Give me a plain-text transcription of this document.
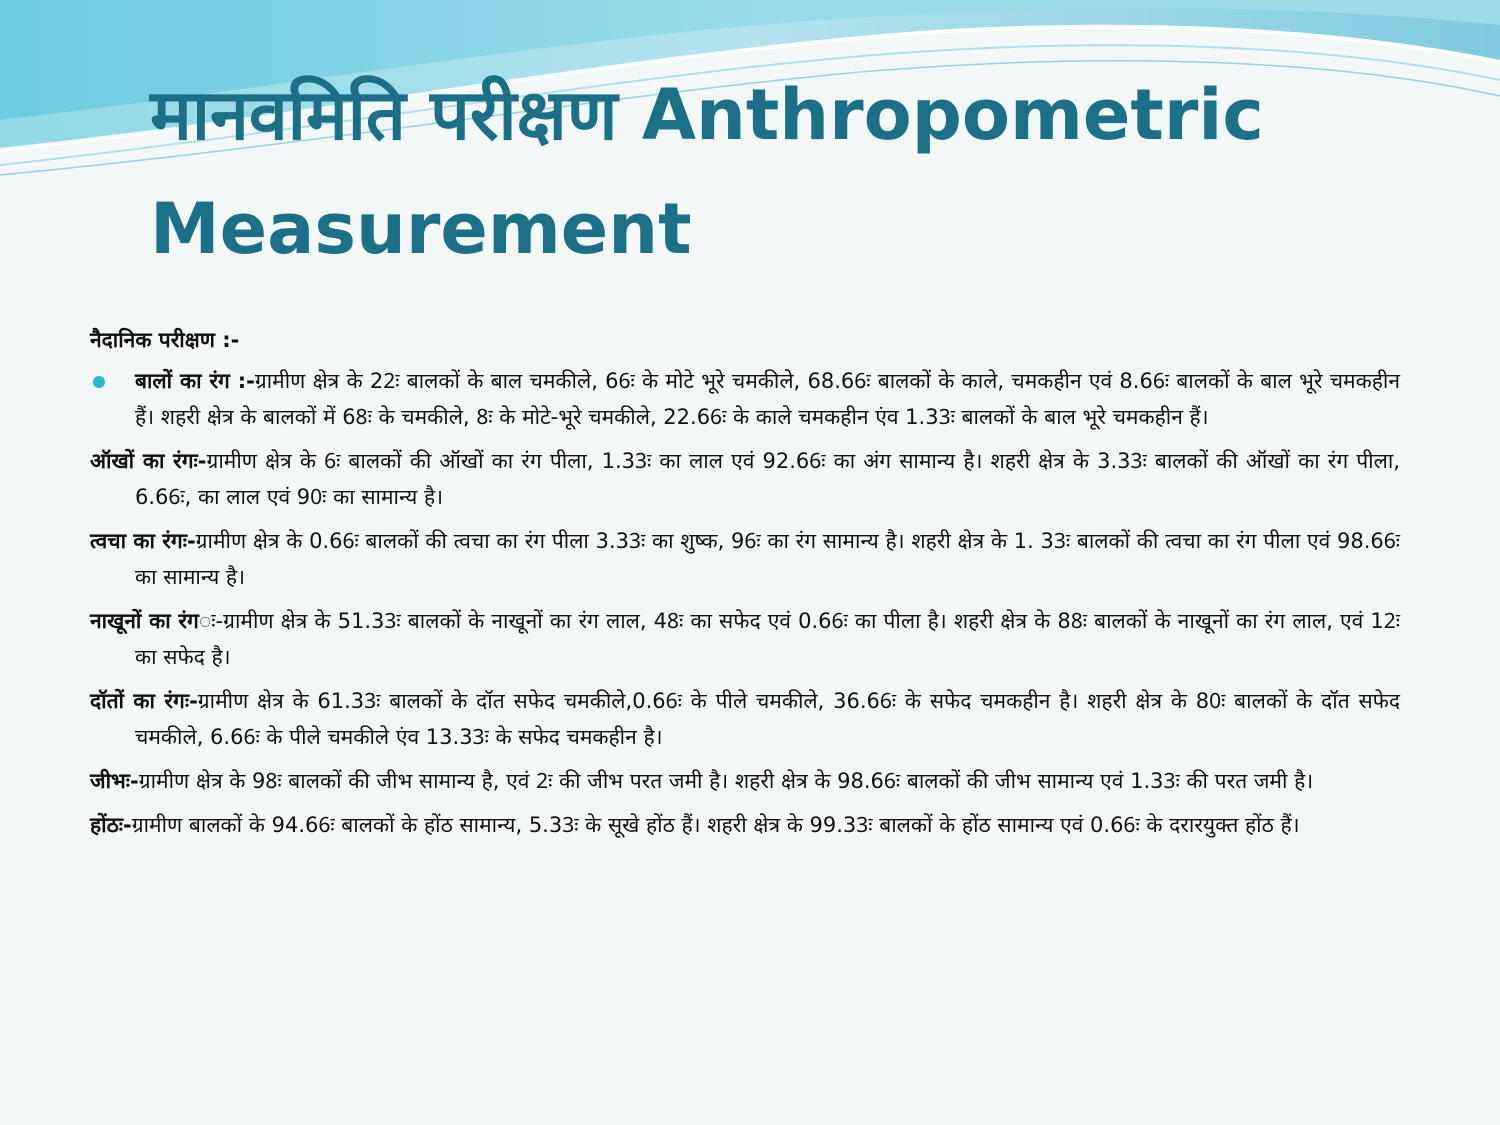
मानवमिति परीक्षण Anthropometric Measurement
नैदानिक परीक्षण :-
बालों का रंग :-ग्रामीण क्षेत्र के 22ः बालकों के बाल चमकीले, 66ः के मोटे भूरे चमकीले, 68.66ः बालकों के काले, चमकहीन एवं 8.66ः बालकों के बाल भूरे चमकहीन हैं। शहरी क्षेत्र के बालकों में 68ः के चमकीले, 8ः के मोटे-भूरे चमकीले, 22.66ः के काले चमकहीन एंव 1.33ः बालकों के बाल भूरे चमकहीन हैं।
ऑखों का रंगः-ग्रामीण क्षेत्र के 6ः बालकों की ऑखों का रंग पीला, 1.33ः का लाल एवं 92.66ः का अंग सामान्य है। शहरी क्षेत्र के 3.33ः बालकों की ऑखों का रंग पीला, 6.66ः, का लाल एवं 90ः का सामान्य है।
त्वचा का रंगः-ग्रामीण क्षेत्र के 0.66ः बालकों की त्वचा का रंग पीला 3.33ः का शुष्क, 96ः का रंग सामान्य है। शहरी क्षेत्र के 1. 33ः बालकों की त्वचा का रंग पीला एवं 98.66ः का सामान्य है।
नाखूनों का रंगः-ग्रामीण क्षेत्र के 51.33ः बालकों के नाखूनों का रंग लाल, 48ः का सफेद एवं 0.66ः का पीला है। शहरी क्षेत्र के 88ः बालकों के नाखूनों का रंग लाल, एवं 12ः का सफेद है।
दॉतों का रंगः-ग्रामीण क्षेत्र के 61.33ः बालकों के दॉत सफेद चमकीले,0.66ः के पीले चमकीले, 36.66ः के सफेद चमकहीन है। शहरी क्षेत्र के 80ः बालकों के दॉत सफेद चमकीले, 6.66ः के पीले चमकीले एंव 13.33ः के सफेद चमकहीन है।
जीभः-ग्रामीण क्षेत्र के 98ः बालकों की जीभ सामान्य है, एवं 2ः की जीभ परत जमी है। शहरी क्षेत्र के 98.66ः बालकों की जीभ सामान्य एवं 1.33ः की परत जमी है।
होंठः-ग्रामीण बालकों के 94.66ः बालकों के होंठ सामान्य, 5.33ः के सूखे होंठ हैं। शहरी क्षेत्र के 99.33ः बालकों के होंठ सामान्य एवं 0.66ः के दरारयुक्त होंठ हैं।
